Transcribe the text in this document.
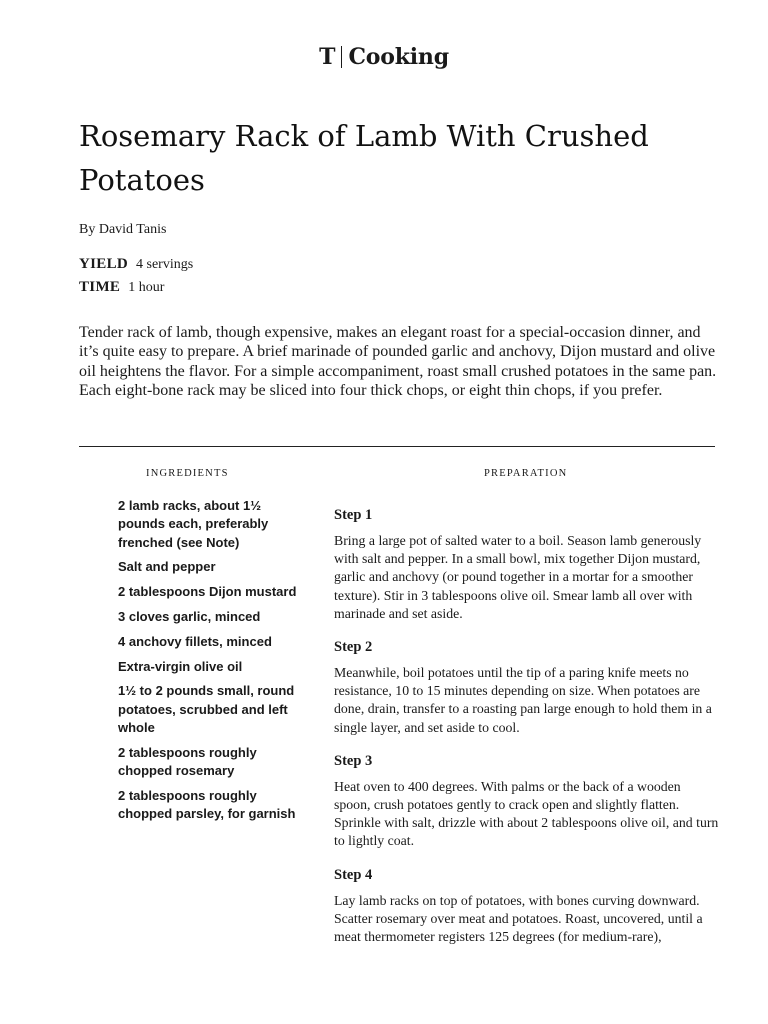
T Cooking
Rosemary Rack of Lamb With Crushed Potatoes
By David Tanis
YIELD 4 servings
TIME 1 hour

Tender rack of lamb, though expensive, makes an elegant roast for a special-occasion dinner, and it’s quite easy to prepare. A brief marinade of pounded garlic and anchovy, Dijon mustard and olive oil heightens the flavor. For a simple accompaniment, roast small crushed potatoes in the same pan. Each eight-bone rack may be sliced into four thick chops, or eight thin chops, if you prefer.

INGREDIENTS	PREPARATION
2 lamb racks, about 1½ pounds each, preferably frenched (see Note)
Salt and pepper
2 tablespoons Dijon mustard
3 cloves garlic, minced
4 anchovy fillets, minced
Extra-virgin olive oil
1½ to 2 pounds small, round potatoes, scrubbed and left whole
2 tablespoons roughly chopped rosemary
2 tablespoons roughly chopped parsley, for garnish

Step 1

Bring a large pot of salted water to a boil. Season lamb generously with salt and pepper. In a small bowl, mix together Dijon mustard, garlic and anchovy (or pound together in a mortar for a smoother texture). Stir in 3 tablespoons olive oil. Smear lamb all over with marinade and set aside.

Step 2

Meanwhile, boil potatoes until the tip of a paring knife meets no resistance, 10 to 15 minutes depending on size. When potatoes are done, drain, transfer to a roasting pan large enough to hold them in a single layer, and set aside to cool.

Step 3

Heat oven to 400 degrees. With palms or the back of a wooden spoon, crush potatoes gently to crack open and slightly flatten. Sprinkle with salt, drizzle with about 2 tablespoons olive oil, and turn to lightly coat.

Step 4

Lay lamb racks on top of potatoes, with bones curving downward. Scatter rosemary over meat and potatoes. Roast, uncovered, until a meat thermometer registers 125 degrees (for medium-rare),
